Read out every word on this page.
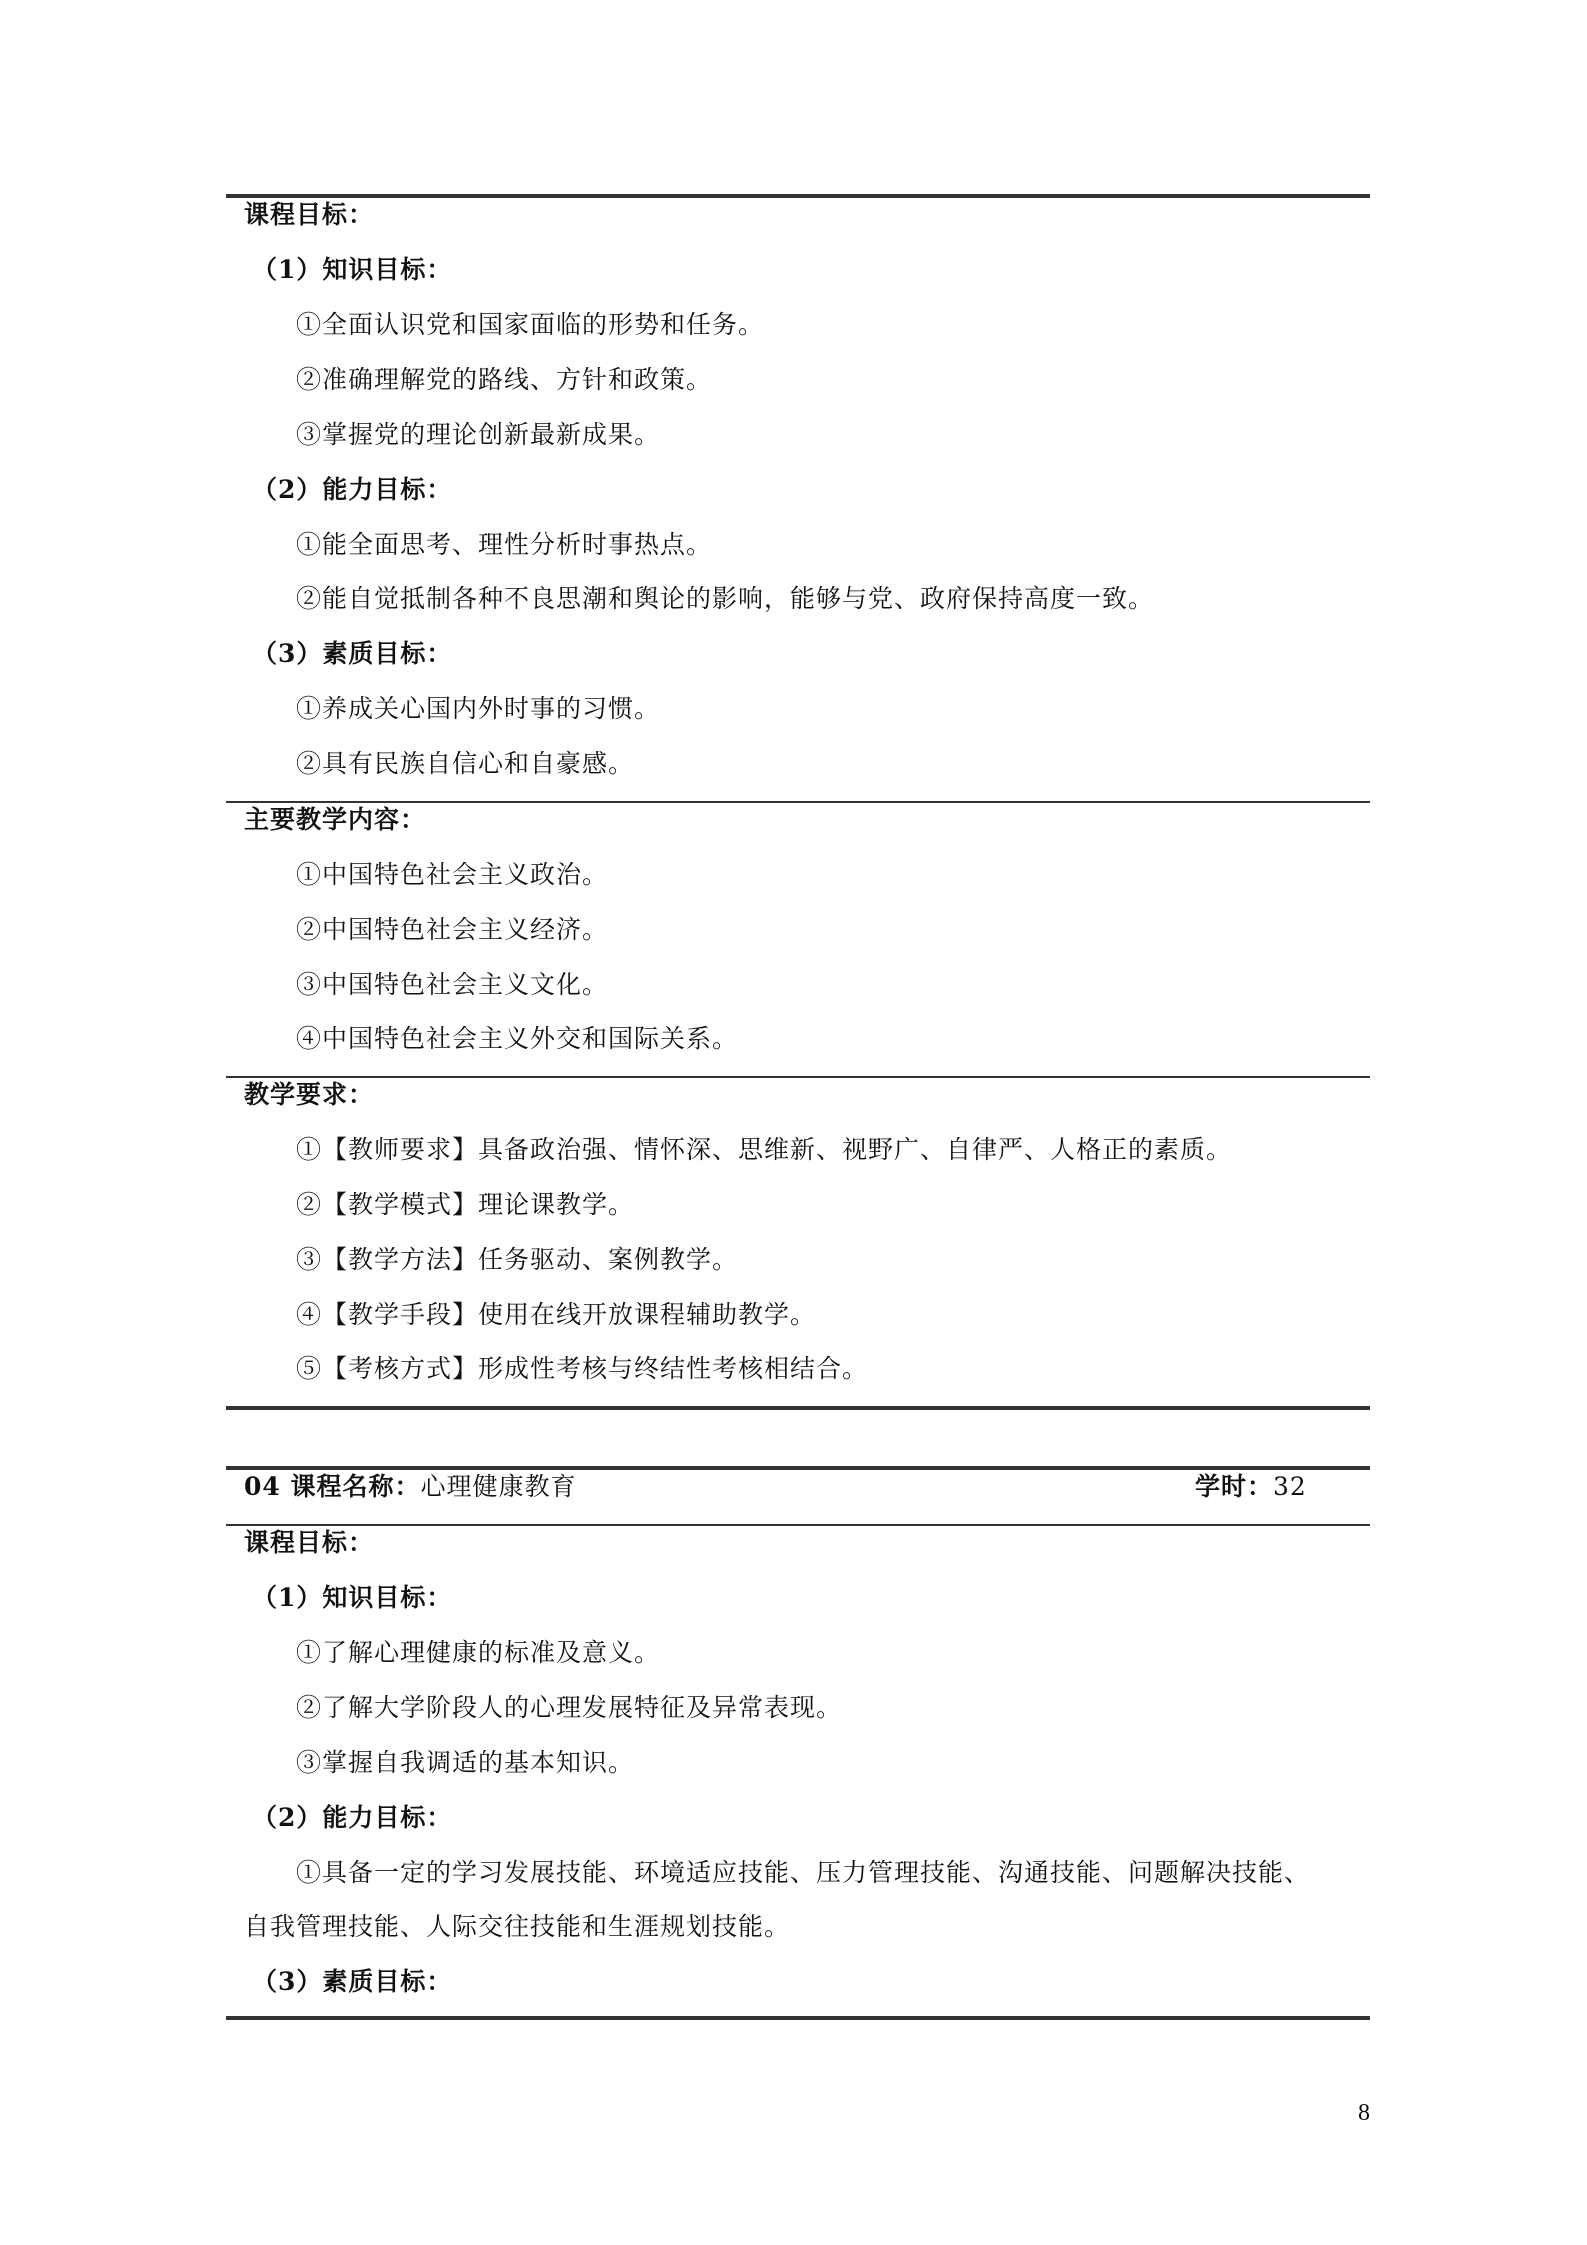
课程目标：
（1）知识目标：
①全面认识党和国家面临的形势和任务。
②准确理解党的路线、方针和政策。
③掌握党的理论创新最新成果。
（2）能力目标：
①能全面思考、理性分析时事热点。
②能自觉抵制各种不良思潮和舆论的影响，能够与党、政府保持高度一致。
（3）素质目标：
①养成关心国内外时事的习惯。
②具有民族自信心和自豪感。
主要教学内容：
①中国特色社会主义政治。
②中国特色社会主义经济。
③中国特色社会主义文化。
④中国特色社会主义外交和国际关系。
教学要求：
①【教师要求】具备政治强、情怀深、思维新、视野广、自律严、人格正的素质。
②【教学模式】理论课教学。
③【教学方法】任务驱动、案例教学。
④【教学手段】使用在线开放课程辅助教学。
⑤【考核方式】形成性考核与终结性考核相结合。
04 课程名称：心理健康教育	学时：32
课程目标：
（1）知识目标：
①了解心理健康的标准及意义。
②了解大学阶段人的心理发展特征及异常表现。
③掌握自我调适的基本知识。
（2）能力目标：
①具备一定的学习发展技能、环境适应技能、压力管理技能、沟通技能、问题解决技能、
自我管理技能、人际交往技能和生涯规划技能。
（3）素质目标：
8
